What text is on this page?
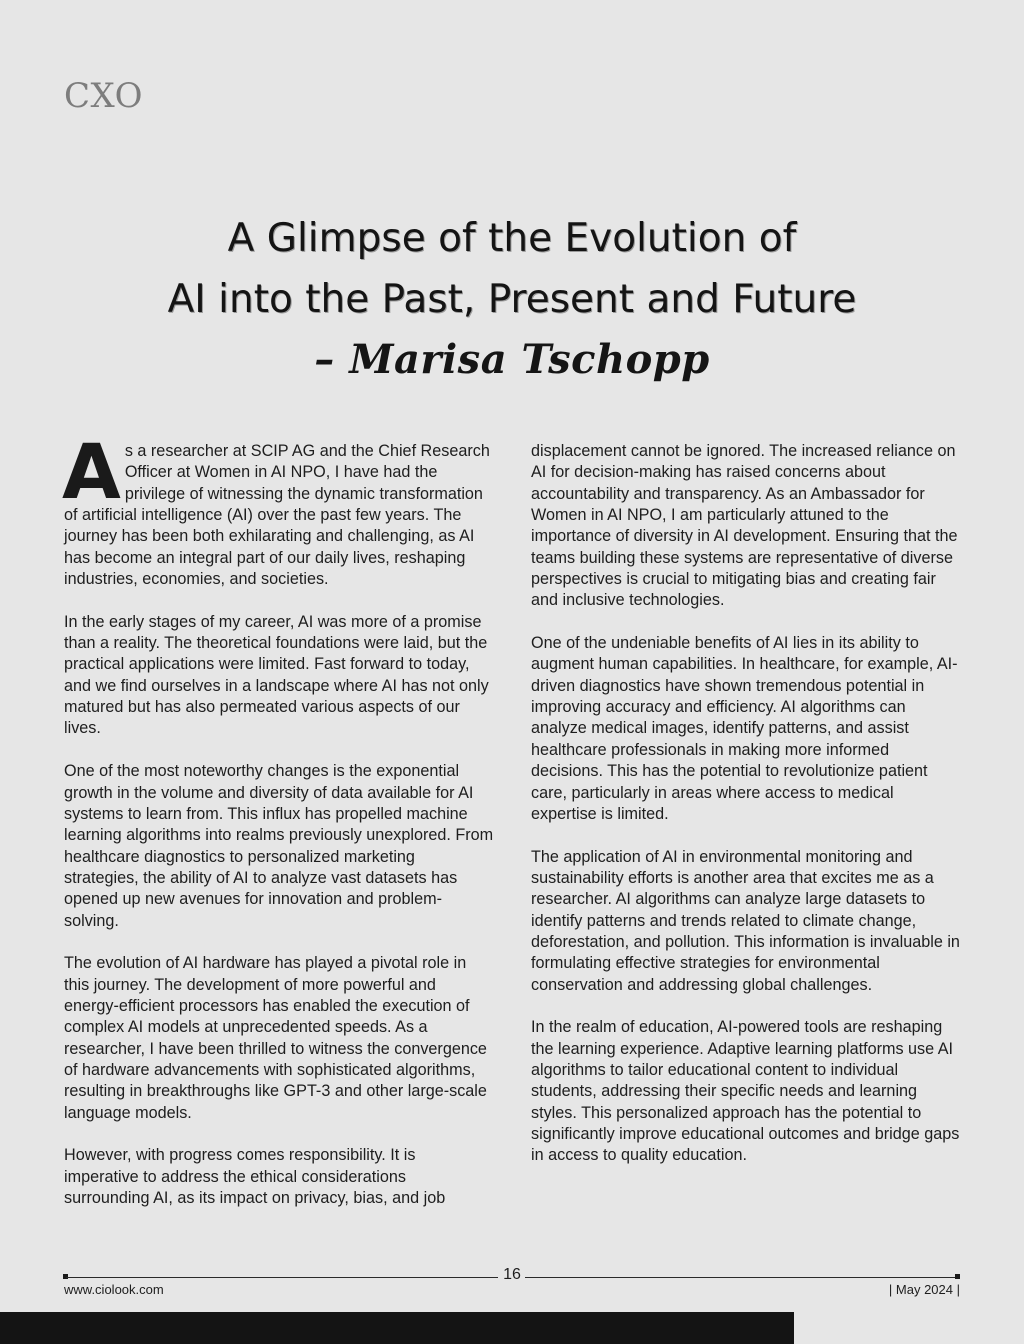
CXO
A Glimpse of the Evolution of
AI into the Past, Present and Future
– Marisa Tschopp

As a researcher at SCIP AG and the Chief Research Officer at Women in AI NPO, I have had the privilege of witnessing the dynamic transformation of artificial intelligence (AI) over the past few years. The journey has been both exhilarating and challenging, as AI has become an integral part of our daily lives, reshaping industries, economies, and societies.

In the early stages of my career, AI was more of a promise than a reality. The theoretical foundations were laid, but the practical applications were limited. Fast forward to today, and we find ourselves in a landscape where AI has not only matured but has also permeated various aspects of our lives.

One of the most noteworthy changes is the exponential growth in the volume and diversity of data available for AI systems to learn from. This influx has propelled machine learning algorithms into realms previously unexplored. From healthcare diagnostics to personalized marketing strategies, the ability of AI to analyze vast datasets has opened up new avenues for innovation and problem-solving.

The evolution of AI hardware has played a pivotal role in this journey. The development of more powerful and energy-efficient processors has enabled the execution of complex AI models at unprecedented speeds. As a researcher, I have been thrilled to witness the convergence of hardware advancements with sophisticated algorithms, resulting in breakthroughs like GPT-3 and other large-scale language models.

However, with progress comes responsibility. It is imperative to address the ethical considerations surrounding AI, as its impact on privacy, bias, and job

displacement cannot be ignored. The increased reliance on AI for decision-making has raised concerns about accountability and transparency. As an Ambassador for Women in AI NPO, I am particularly attuned to the importance of diversity in AI development. Ensuring that the teams building these systems are representative of diverse perspectives is crucial to mitigating bias and creating fair and inclusive technologies.

One of the undeniable benefits of AI lies in its ability to augment human capabilities. In healthcare, for example, AI-driven diagnostics have shown tremendous potential in improving accuracy and efficiency. AI algorithms can analyze medical images, identify patterns, and assist healthcare professionals in making more informed decisions. This has the potential to revolutionize patient care, particularly in areas where access to medical expertise is limited.

The application of AI in environmental monitoring and sustainability efforts is another area that excites me as a researcher. AI algorithms can analyze large datasets to identify patterns and trends related to climate change, deforestation, and pollution. This information is invaluable in formulating effective strategies for environmental conservation and addressing global challenges.

In the realm of education, AI-powered tools are reshaping the learning experience. Adaptive learning platforms use AI algorithms to tailor educational content to individual students, addressing their specific needs and learning styles. This personalized approach has the potential to significantly improve educational outcomes and bridge gaps in access to quality education.

16
www.ciolook.com	| May 2024 |
